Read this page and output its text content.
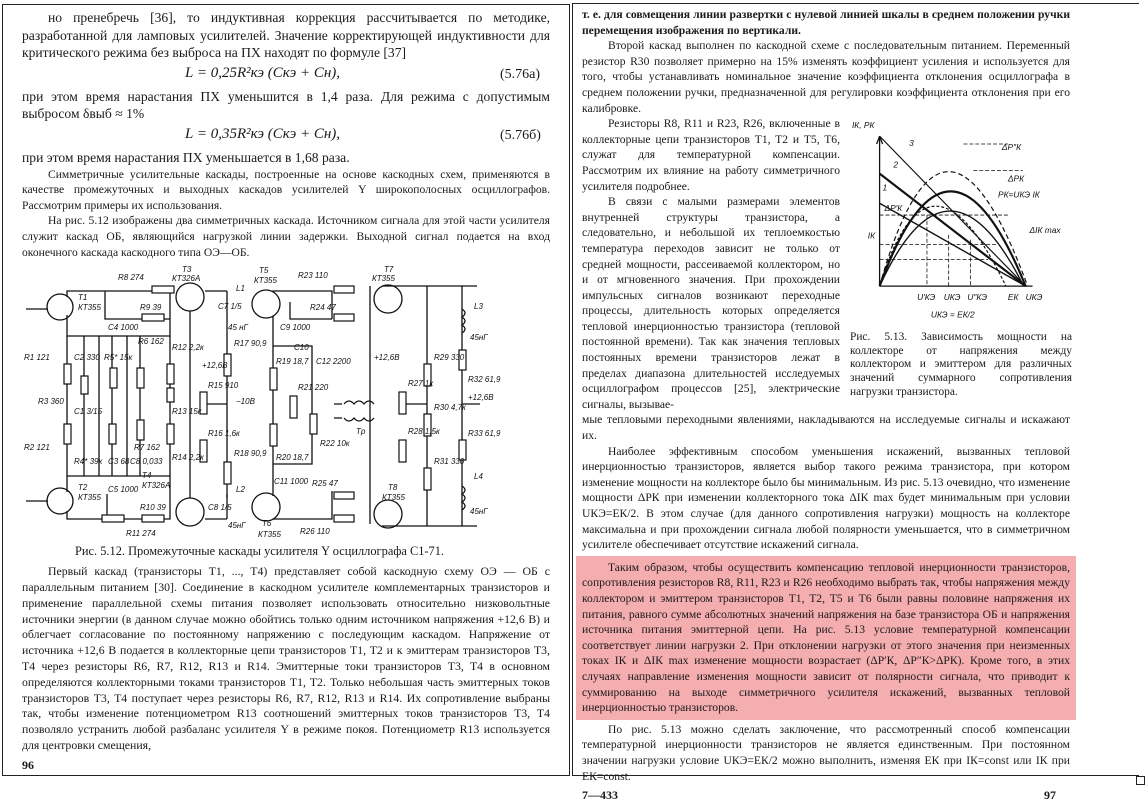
но пренебречь [36], то индуктивная коррекция рассчитывается по методике, разработанной для ламповых усилителей. Значение корректирующей индуктивности для критического режима без выброса на ПХ находят по формуле [37]

L = 0,25R²кэ (Cкэ + Cн),	(5.76а)

при этом время нарастания ПХ уменьшится в 1,4 раза. Для режима с допустимым выбросом δвыб ≈ 1%

L = 0,35R²кэ (Cкэ + Cн),	(5.76б)

при этом время нарастания ПХ уменьшается в 1,68 раза.

Симметричные усилительные каскады, построенные на основе каскодных схем, применяются в качестве промежуточных и выходных каскадов усилителей Y широкополосных осциллографов. Рассмотрим примеры их использования.

На рис. 5.12 изображены два симметричных каскада. Источником сигнала для этой части усилителя служит каскад ОБ, являющийся нагрузкой линии задержки. Выходной сигнал подается на вход оконечного каскада каскодного типа ОЭ—ОБ.

T1
КТ355
T2
КТ355
T3
КТ326А
T4
КТ326А
T5
КТ355
T6
КТ355
T7
КТ355
T8
КТ355
R8 274
R9 39
C4 1000
R10 39
R11 274
C5 1000
R1 121
R2 121
R3 360
C1 3/15
C2 330 R5* 15к
R4* 39к C3 68
R6 162
R7 162
C8 0,033
R12 2,2к
R13 15к
R14 2,2к
+12,6В
L1
C7 1/5
45 нГ
L2
C8 1/5
45нГ
R15 910
R16 1,6к
R17 90,9
R18 90,9
−10В
R23 110
R24 47
C9 1000
R19 18,7
R20 18,7
R21 220
C10
C12 2200
R22 10к
C11 1000 R25 47
R26 110
Tp
+12,6В
R27 1к
R28 1,5к
R29 330
R30 4,7к
R31 330
R32 61,9
R33 61,9
+12,6В
L3
45нГ
L4
45нГ

Рис. 5.12. Промежуточные каскады усилителя Y осциллографа С1-71.

Первый каскад (транзисторы T1, ..., T4) представляет собой каскодную схему ОЭ — ОБ с параллельным питанием [30]. Соединение в каскодном усилителе комплементарных транзисторов и применение параллельной схемы питания позволяет использовать относительно низковольтные источники энергии (в данном случае можно обойтись только одним источником напряжения +12,6 В) и облегчает согласование по постоянному напряжению с последующим каскадом. Напряжение от источника +12,6 В подается в коллекторные цепи транзисторов T1, T2 и к эмиттерам транзисторов T3, T4 через резисторы R6, R7, R12, R13 и R14. Эмиттерные токи транзисторов T3, T4 в основном определяются коллекторными токами транзисторов T1, T2. Только небольшая часть эмиттерных токов транзисторов T3, T4 поступает через резисторы R6, R7, R12, R13 и R14. Их сопротивление выбраны так, чтобы изменение потенциометром R13 соотношений эмиттерных токов транзисторов T3, T4 позволяло устранить любой разбаланс усилителя Y в режиме покоя. Потенциометр R13 используется для центровки смещения,

96

т. е. для совмещения линии развертки с нулевой линией шкалы в среднем положении ручки перемещения изображения по вертикали.

Второй каскад выполнен по каскодной схеме с последовательным питанием. Переменный резистор R30 позволяет примерно на 15% изменять коэффициент усиления и используется для того, чтобы устанавливать номинальное значение коэффициента отклонения осциллографа в среднем положении ручки, предназначенной для регулировки коэффициента отклонения при его калибровке.

Резисторы R8, R11 и R23, R26, включенные в коллекторные цепи транзисторов T1, T2 и T5, T6, служат для температурной компенсации. Рассмотрим их влияние на работу симметричного усилителя подробнее.

В связи с малыми размерами элементов внутренней структуры транзистора, а следовательно, и небольшой их теплоемкостью температура переходов зависит не только от средней мощности, рассеиваемой коллектором, но и от мгновенного значения. При прохождении импульсных сигналов возникают переходные процессы, длительность которых определяется тепловой инерционностью транзистора (тепловой постоянной времени). Так как значения тепловых постоянных времени транзисторов лежат в пределах диапазона длительностей исследуемых осциллографом процессов [25], электрические сигналы, вызывае-

IК, PК
ΔP″К
ΔPК
PК=UКЭ IК
ΔP′К
IК
ΔIК max
U′КЭ UКЭ U″КЭ EК UКЭ
UКЭ = EК/2
1
2
3

Рис. 5.13. Зависимость мощности на коллекторе от напряжения между коллектором и эмиттером для различных значений суммарного сопротивления нагрузки транзистора.

мые тепловыми переходными явлениями, накладываются на исследуемые сигналы и искажают их.

Наиболее эффективным способом уменьшения искажений, вызванных тепловой инерционностью транзисторов, является выбор такого режима транзистора, при котором изменение мощности на коллекторе было бы минимальным. Из рис. 5.13 очевидно, что изменение мощности ΔPК при изменении коллекторного тока ΔIК max будет минимальным при условии UКЭ=EК/2. В этом случае (для данного сопротивления нагрузки) мощность на коллекторе максимальна и при прохождении сигнала любой полярности уменьшается, что в симметричном усилителе обеспечивает отсутствие искажений сигнала.

Таким образом, чтобы осуществить компенсацию тепловой инерционности транзисторов, сопротивления резисторов R8, R11, R23 и R26 необходимо выбрать так, чтобы напряжения между коллектором и эмиттером транзисторов T1, T2, T5 и T6 были равны половине напряжения их питания, равного сумме абсолютных значений напряжения на базе транзистора ОБ и напряжения источника питания эмиттерной цепи. На рис. 5.13 условие температурной компенсации соответствует линии нагрузки 2. При отклонении нагрузки от этого значения при неизменных токах IК и ΔIК max изменение мощности возрастает (ΔP′К, ΔP″К>ΔPК). Кроме того, в этих случаях направление изменения мощности зависит от полярности сигнала, что приводит к суммированию на выходе симметричного усилителя искажений, вызванных тепловой инерционностью транзисторов.

По рис. 5.13 можно сделать заключение, что рассмотренный способ компенсации температурной инерционности транзисторов не является единственным. При постоянном значении нагрузки условие UКЭ=EК/2 можно выполнить, изменяя EК при IК=const или IК при EК=const.

7—433	97
